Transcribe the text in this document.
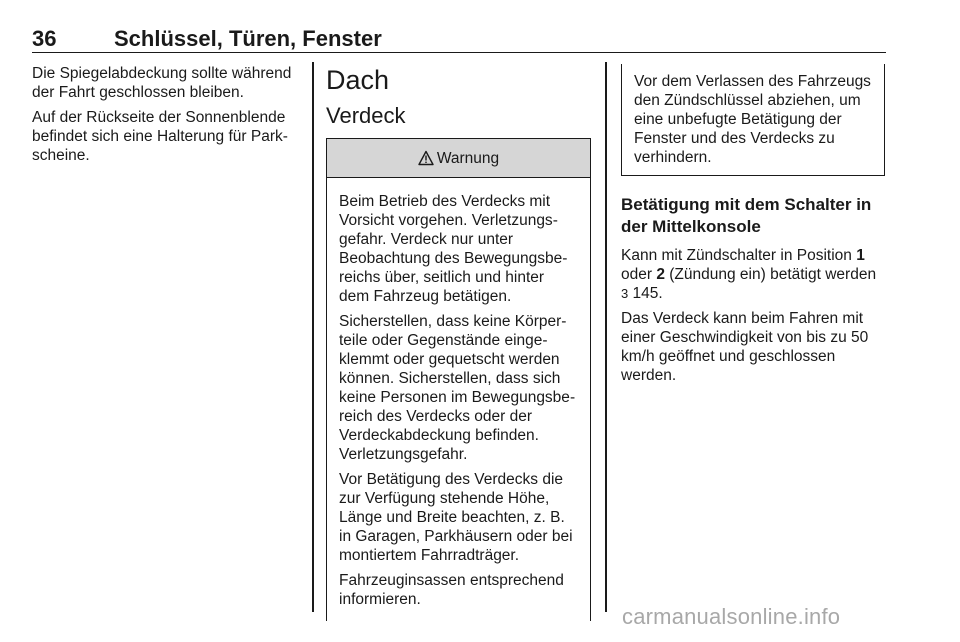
36	Schlüssel, Türen, Fenster

Die Spiegelabdeckung sollte während der Fahrt geschlossen bleiben.

Auf der Rückseite der Sonnenblende befindet sich eine Halterung für Parkscheine.

Dach
Verdeck
Warnung

Beim Betrieb des Verdecks mit Vorsicht vorgehen. Verletzungsgefahr. Verdeck nur unter Beobachtung des Bewegungsbereichs über, seitlich und hinter dem Fahrzeug betätigen.

Sicherstellen, dass keine Körperteile oder Gegenstände eingeklemmt oder gequetscht werden können. Sicherstellen, dass sich keine Personen im Bewegungsbereich des Verdecks oder der Verdeckabdeckung befinden. Verletzungsgefahr.

Vor Betätigung des Verdecks die zur Verfügung stehende Höhe, Länge und Breite beachten, z. B. in Garagen, Parkhäusern oder bei montiertem Fahrradträger.

Fahrzeuginsassen entsprechend informieren.

Vor dem Verlassen des Fahrzeugs den Zündschlüssel abziehen, um eine unbefugte Betätigung der Fenster und des Verdecks zu verhindern.

Betätigung mit dem Schalter in der Mittelkonsole

Kann mit Zündschalter in Position 1 oder 2 (Zündung ein) betätigt werden 3 145.

Das Verdeck kann beim Fahren mit einer Geschwindigkeit von bis zu 50 km/h geöffnet und geschlossen werden.

carmanualsonline.info
